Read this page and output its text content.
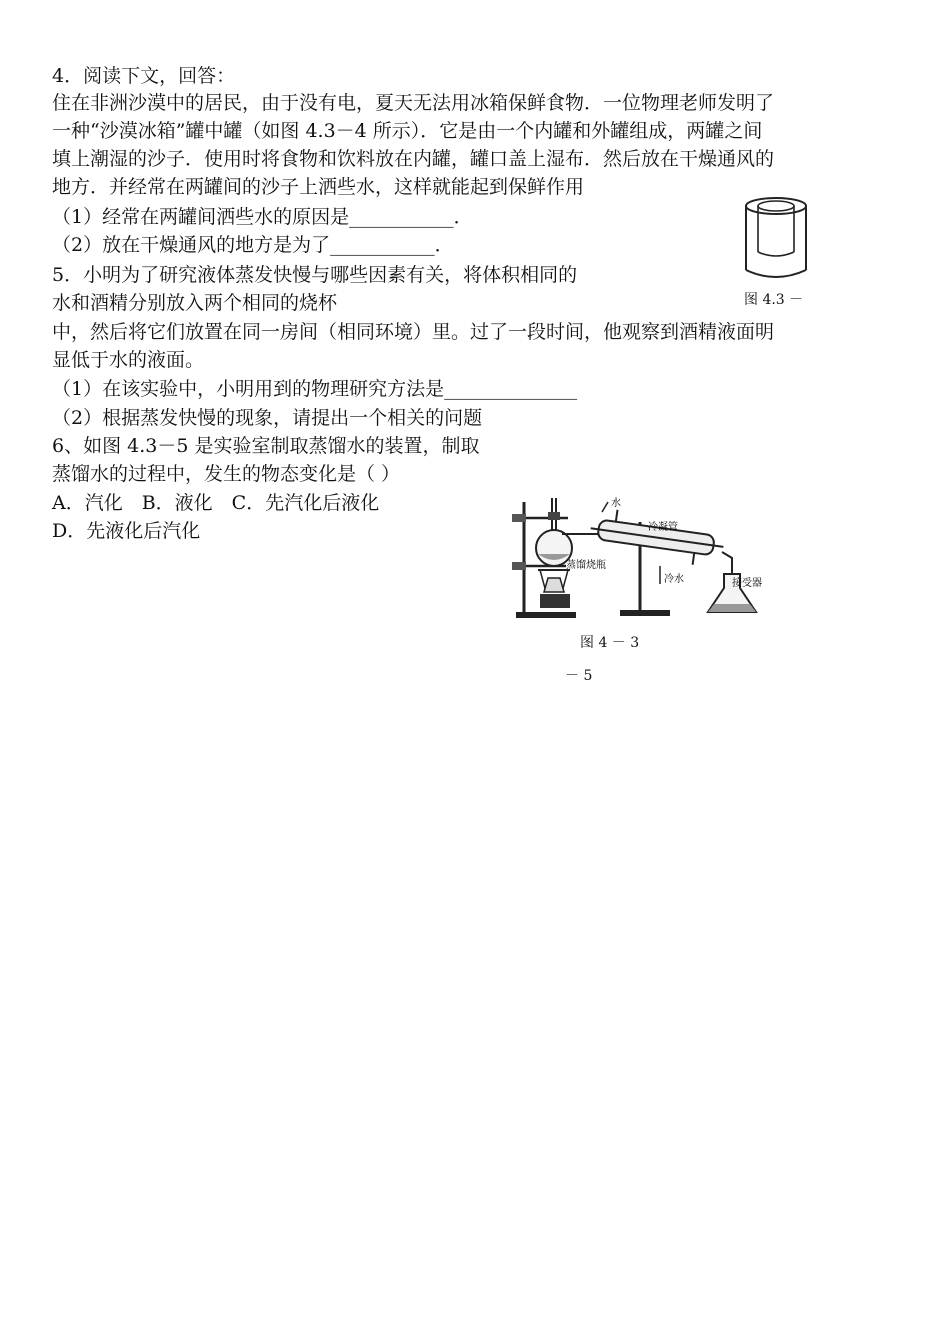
4．阅读下文，回答：
住在非洲沙漠中的居民，由于没有电，夏天无法用冰箱保鲜食物．一位物理老师发明了
一种“沙漠冰箱”罐中罐（如图 4.3－4 所示）．它是由一个内罐和外罐组成，两罐之间
填上潮湿的沙子．使用时将食物和饮料放在内罐，罐口盖上湿布．然后放在干燥通风的
地方．并经常在两罐间的沙子上洒些水，这样就能起到保鲜作用
（1）经常在两罐间洒些水的原因是___________．
（2）放在干燥通风的地方是为了___________．
图 4.3 －
5．小明为了研究液体蒸发快慢与哪些因素有关，将体积相同的
水和酒精分别放入两个相同的烧杯
中，然后将它们放置在同一房间（相同环境）里。过了一段时间，他观察到酒精液面明
显低于水的液面。
（1）在该实验中，小明用到的物理研究方法是______________
（2）根据蒸发快慢的现象，请提出一个相关的问题
6、如图 4.3－5 是实验室制取蒸馏水的装置，制取
蒸馏水的过程中，发生的物态变化是（ ）
A．汽化　B．液化　C．先汽化后液化
D．先液化后汽化
水
冷凝管
蒸馏烧瓶
冷水	接受器
图 4 － 3
－ 5
